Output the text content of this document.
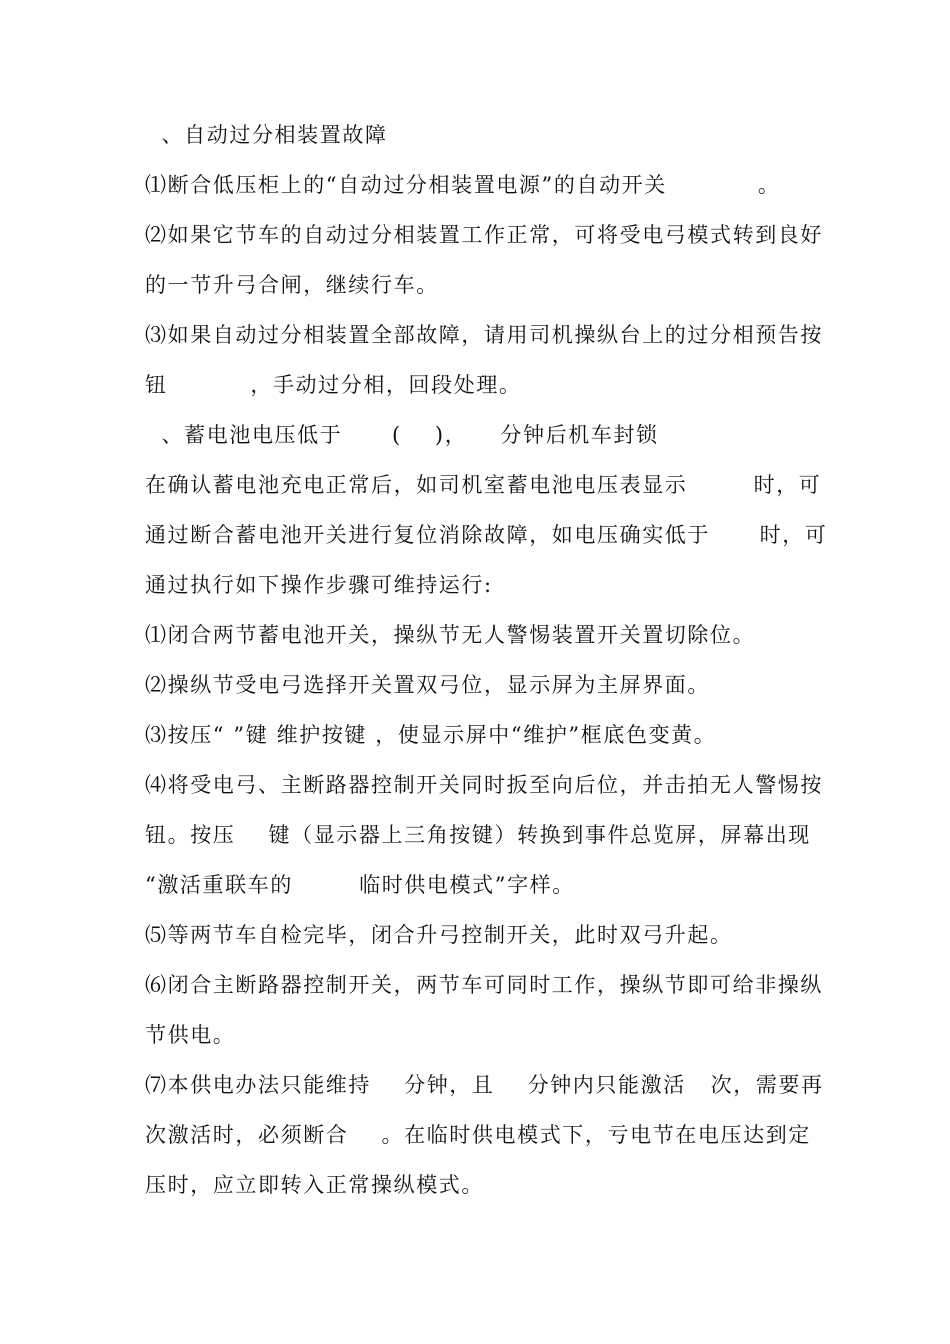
、自动过分相装置故障
⑴断合低压柜上的“自动过分相装置电源”的自动开关           。
⑵如果它节车的自动过分相装置工作正常，可将受电弓模式转到良好
的一节升弓合闸，继续行车。
⑶如果自动过分相装置全部故障，请用司机操纵台上的过分相预告按
钮          ，手动过分相，回段处理。
、蓄电池电压低于      (    )，    分钟后机车封锁
在确认蓄电池充电正常后，如司机室蓄电池电压表显示        时，可
通过断合蓄电池开关进行复位消除故障，如电压确实低于      时，可
通过执行如下操作步骤可维持运行:
⑴闭合两节蓄电池开关，操纵节无人警惕装置开关置切除位。
⑵操纵节受电弓选择开关置双弓位，显示屏为主屏界面。
⑶按压“ ”键 维护按键 ，使显示屏中“维护”框底色变黄。
⑷将受电弓、主断路器控制开关同时扳至向后位，并击拍无人警惕按
钮。按压    键（显示器上三角按键）转换到事件总览屏，屏幕出现
“激活重联车的        临时供电模式”字样。
⑸等两节车自检完毕，闭合升弓控制开关，此时双弓升起。
⑹闭合主断路器控制开关，两节车可同时工作，操纵节即可给非操纵
节供电。
⑺本供电办法只能维持    分钟，且    分钟内只能激活   次，需要再
次激活时，必须断合    。在临时供电模式下，亏电节在电压达到定
压时，应立即转入正常操纵模式。
